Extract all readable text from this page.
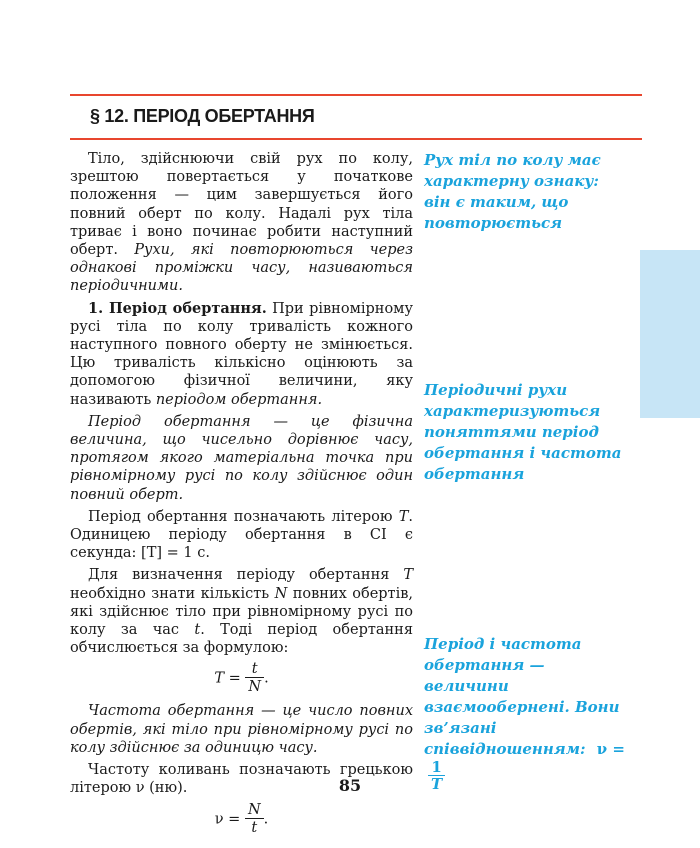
§ 12. ПЕРІОД ОБЕРТАННЯ

Тіло, здійснюючи свій рух по колу, зрештою повертається у початкове положення — цим завершується його повний оберт по колу. Надалі рух тіла триває і воно починає робити наступний оберт. Рухи, які повторюються через однакові проміжки часу, називаються періодичними.

1. Період обертання. При рівномірному русі тіла по колу тривалість кожного наступного повного оберту не змінюється. Цю тривалість кількісно оцінюють за допомогою фізичної величини, яку називають періодом обертання.

Період обертання — це фізична величина, що чисельно дорівнює часу, протягом якого матеріальна точка при рівномірному русі по колу здійснює один повний оберт.

Період обертання позначають літерою T. Одиницею періоду обертання в СІ є секунда: [T] = 1 с.

Для визначення періоду обертання T необхідно знати кількість N повних обертів, які здійснює тіло при рівномірному русі по колу за час t. Тоді період обертання обчислюється за формулою:

$T = \frac{t}{N}$ .

Частота обертання — це число повних обертів, які тіло при рівномірному русі по колу здійснює за одиницю часу.

Частоту коливань позначають грецькою літерою ν (ню).

$\nu = \frac{N}{t}$ .

Рух тіл по колу має характерну ознаку: він є таким, що повторюється
Періодичні рухи характеризуються поняттями період обертання і частота обертання
Період і частота обертання — величини взаємообернені. Вони зв’язані співвідношенням: ν =
$\frac{1}{T}$
85
